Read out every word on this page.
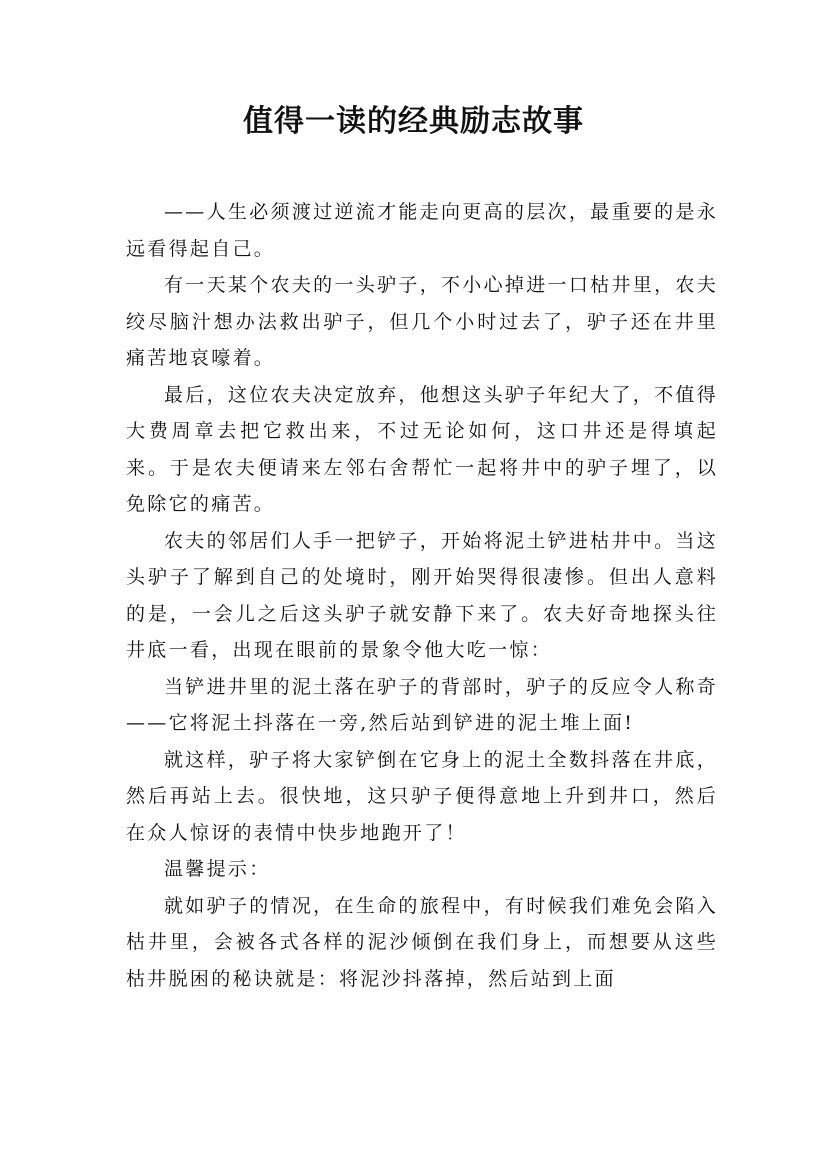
值得一读的经典励志故事

——人生必须渡过逆流才能走向更高的层次，最重要的是永远看得起自己。

有一天某个农夫的一头驴子，不小心掉进一口枯井里，农夫绞尽脑汁想办法救出驴子，但几个小时过去了，驴子还在井里痛苦地哀嚎着。

最后，这位农夫决定放弃，他想这头驴子年纪大了，不值得大费周章去把它救出来，不过无论如何，这口井还是得填起来。于是农夫便请来左邻右舍帮忙一起将井中的驴子埋了，以免除它的痛苦。

农夫的邻居们人手一把铲子，开始将泥土铲进枯井中。当这头驴子了解到自己的处境时，刚开始哭得很凄惨。但出人意料的是，一会儿之后这头驴子就安静下来了。农夫好奇地探头往井底一看，出现在眼前的景象令他大吃一惊：

当铲进井里的泥土落在驴子的背部时，驴子的反应令人称奇——它将泥土抖落在一旁,然后站到铲进的泥土堆上面!

就这样，驴子将大家铲倒在它身上的泥土全数抖落在井底，然后再站上去。很快地，这只驴子便得意地上升到井口，然后在众人惊讶的表情中快步地跑开了！

温馨提示：

就如驴子的情况，在生命的旅程中，有时候我们难免会陷入枯井里，会被各式各样的泥沙倾倒在我们身上，而想要从这些枯井脱困的秘诀就是：将泥沙抖落掉，然后站到上面
